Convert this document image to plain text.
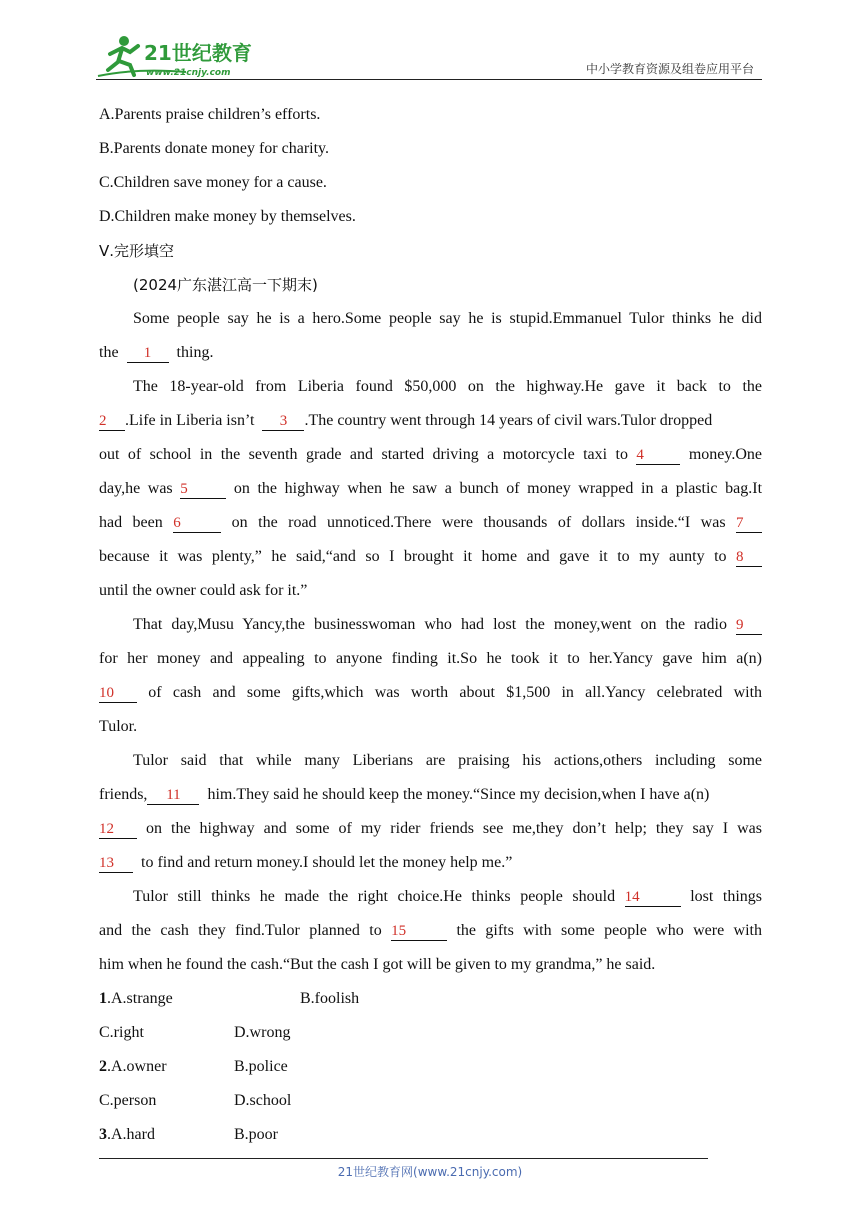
21世纪教育
www.21cnjy.com	中小学教育资源及组卷应用平台
A.Parents praise children’s efforts.
B.Parents donate money for charity.
C.Children save money for a cause.
D.Children make money by themselves.
Ⅴ.完形填空
(2024广东湛江高一下期末)
Some people say he is a hero.Some people say he is stupid.Emmanuel Tulor thinks he did
the 1 thing.
The 18-year-old from Liberia found $50,000 on the highway.He gave it back to the
2 .Life in Liberia isn’t 3 .The country went through 14 years of civil wars.Tulor dropped
out of school in the seventh grade and started driving a motorcycle taxi to 4	money.One
day,he was 5	on the highway when he saw a bunch of money wrapped in a plastic bag.It
had been 6	on the road unnoticed.There were thousands of dollars inside.“I was 7
because it was plenty,” he said,“and so I brought it home and gave it to my aunty to 8
until the owner could ask for it.”
That day,Musu Yancy,the businesswoman who had lost the money,went on the radio 9
for her money and appealing to anyone finding it.So he took it to her.Yancy gave him a(n)
10 of cash and some gifts,which was worth about $1,500 in all.Yancy celebrated with
Tulor.
Tulor said that while many Liberians are praising his actions,others including some
friends, 11 him.They said he should keep the money.“Since my decision,when I have a(n)
12 on the highway and some of my rider friends see me,they don’t help; they say I was
13 to find and return money.I should let the money help me.”
Tulor still thinks he made the right choice.He thinks people should 14	lost things
and the cash they find.Tulor planned to 15	the gifts with some people who were with
him when he found the cash.“But the cash I got will be given to my grandma,” he said.
1.A.strange	B.foolish
C.right	D.wrong
2.A.owner	B.police
C.person	D.school
3.A.hard	B.poor
21世纪教育网(www.21cnjy.com)
